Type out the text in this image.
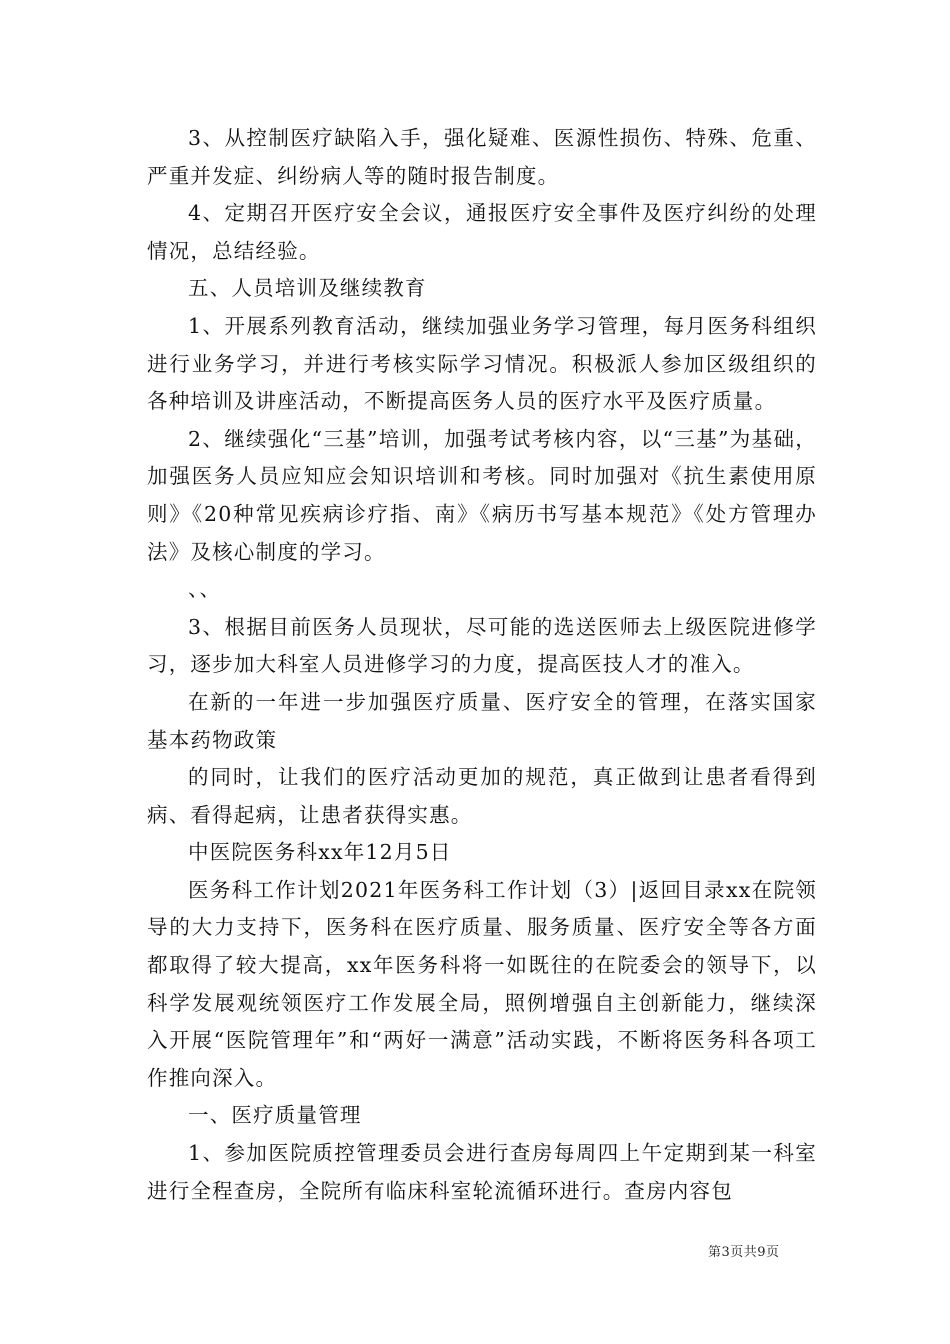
3、从控制医疗缺陷入手，强化疑难、医源性损伤、特殊、危重、严重并发症、纠纷病人等的随时报告制度。

4、定期召开医疗安全会议，通报医疗安全事件及医疗纠纷的处理情况，总结经验。

五、人员培训及继续教育

1、开展系列教育活动，继续加强业务学习管理，每月医务科组织进行业务学习，并进行考核实际学习情况。积极派人参加区级组织的各种培训及讲座活动，不断提高医务人员的医疗水平及医疗质量。

2、继续强化“三基”培训，加强考试考核内容，以“三基”为基础，加强医务人员应知应会知识培训和考核。同时加强对《抗生素使用原则》《20种常见疾病诊疗指、南》《病历书写基本规范》《处方管理办法》及核心制度的学习。

、、

3、根据目前医务人员现状，尽可能的选送医师去上级医院进修学习，逐步加大科室人员进修学习的力度，提高医技人才的准入。

在新的一年进一步加强医疗质量、医疗安全的管理，在落实国家基本药物政策

的同时，让我们的医疗活动更加的规范，真正做到让患者看得到病、看得起病，让患者获得实惠。

中医院医务科xx年12月5日

医务科工作计划2021年医务科工作计划（3）|返回目录xx在院领导的大力支持下，医务科在医疗质量、服务质量、医疗安全等各方面都取得了较大提高，xx年医务科将一如既往的在院委会的领导下，以科学发展观统领医疗工作发展全局，照例增强自主创新能力，继续深入开展“医院管理年”和“两好一满意”活动实践，不断将医务科各项工作推向深入。

一、医疗质量管理

1、参加医院质控管理委员会进行查房每周四上午定期到某一科室进行全程查房，全院所有临床科室轮流循环进行。查房内容包

第3页共9页
